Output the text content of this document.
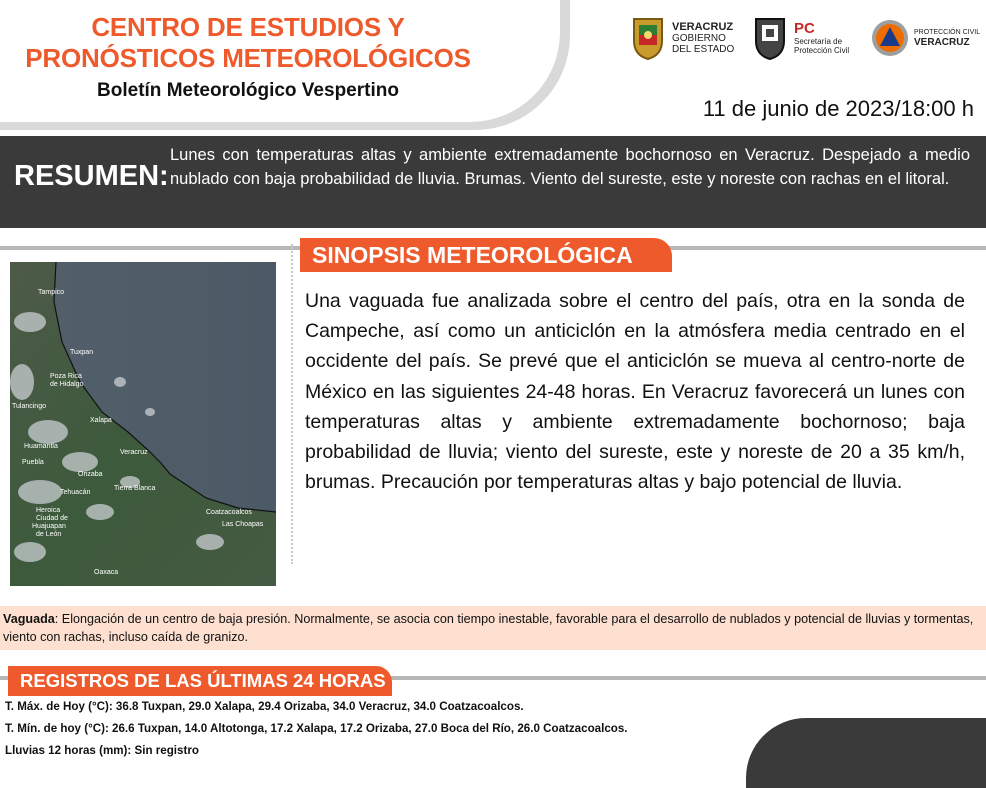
CENTRO DE ESTUDIOS Y
PRONÓSTICOS METEOROLÓGICOS
Boletín Meteorológico Vespertino
11 de junio de 2023/18:00 h
VERACRUZ
GOBIERNO
DEL ESTADO
PC
Secretaría de
Protección Civil
PROTECCIÓN CIVIL
VERACRUZ
RESUMEN:
Lunes con temperaturas altas y ambiente extremadamente bochornoso en Veracruz. Despejado a medio nublado con baja probabilidad de lluvia. Brumas. Viento del sureste, este y noreste con rachas en el litoral.
SINOPSIS METEOROLÓGICA
Tampico
Tuxpan
Poza Rica
de Hidalgo
Tulancingo
Xalapa
Huamantla
Veracruz
Puebla
Orizaba
Tehuacán
Tierra Blanca
Heroica
Ciudad de
Huajuapan
de León
Coatzacoalcos
Las Choapas
Oaxaca
Una vaguada fue analizada sobre el centro del país, otra en la sonda de Campeche, así como un anticiclón en la atmósfera media centrado en el occidente del país. Se prevé que el anticiclón se mueva al centro-norte de México en las siguientes 24-48 horas. En Veracruz favorecerá un lunes con temperaturas altas y ambiente extremadamente bochornoso; baja probabilidad de lluvia; viento del sureste, este y noreste de 20 a 35 km/h, brumas. Precaución por temperaturas altas y bajo potencial de lluvia.
Vaguada: Elongación de un centro de baja presión. Normalmente, se asocia con tiempo inestable, favorable para el desarrollo de nublados y potencial de lluvias y tormentas, viento con rachas, incluso caída de granizo.
REGISTROS DE LAS ÚLTIMAS 24 HORAS
T. Máx. de Hoy (°C): 36.8 Tuxpan, 29.0 Xalapa, 29.4 Orizaba, 34.0 Veracruz, 34.0 Coatzacoalcos.
T. Mín. de hoy (°C): 26.6 Tuxpan, 14.0 Altotonga, 17.2 Xalapa, 17.2 Orizaba, 27.0 Boca del Río, 26.0 Coatzacoalcos.
Lluvias 12 horas (mm): Sin registro
